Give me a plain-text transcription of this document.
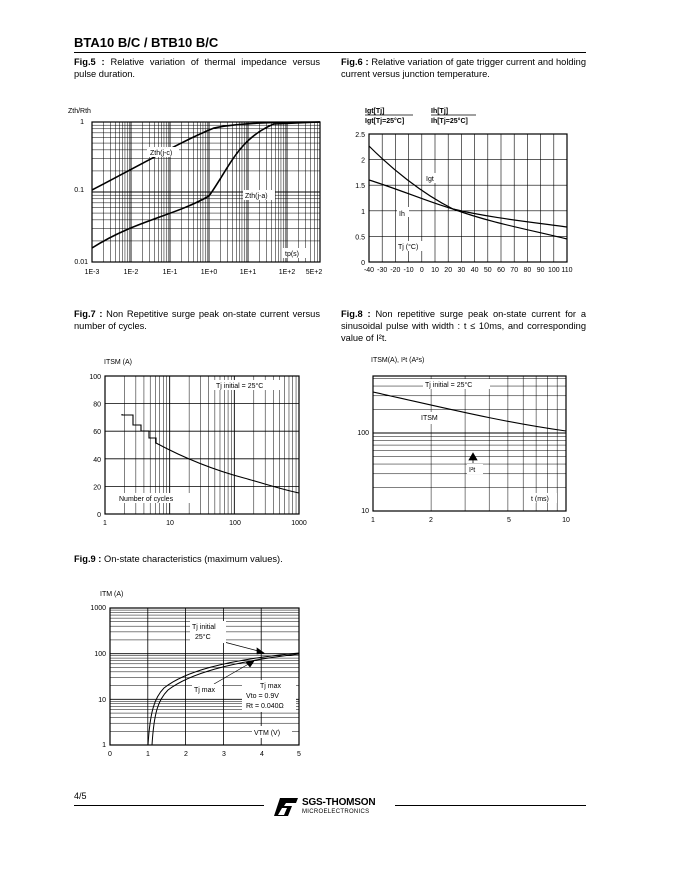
BTA10 B/C / BTB10 B/C
Fig.5 : Relative variation of thermal impedance versus pulse duration.
Fig.6 : Relative variation of gate trigger current and holding current versus junction temperature.
Fig.7 : Non Repetitive surge peak on-state current versus number of cycles.
Fig.8 : Non repetitive surge peak on-state current for a sinusoidal pulse with width : t ≤ 10ms, and corresponding value of I²t.
Fig.9 : On-state characteristics (maximum values).
Zth/Rth
Zth(j-c)
Zth(j-a)
tp(s)
1
0.1
0.01
1E-3	1E-2	1E-1	1E+0	1E+1	1E+2 5E+2
Igt[Tj]
Igt[Tj=25°C]
Ih[Tj]
Ih[Tj=25°C]
Igt
Ih
Tj (°C)
2.5
2
1.5
1
0.5
0
-40 -30 -20 -10 0 10 20 30 40 50 60 70 80 90 100 110
ITSM (A)
Tj initial = 25°C
Number of cycles
100
80
60
40
20
0
1	10	100	1000
ITSM(A), I²t (A²s)
Tj initial = 25°C
ITSM
I²t
t (ms)
100
10
1	2	5	10
ITM (A)
Tj initial
25°C
Tj max
Tj max
Vto = 0.9V
Rt = 0.040Ω
VTM (V)
1000
100
10
1
0	1	2	3	4	5
4/5
SGS-THOMSON
MICROELECTRONICS
